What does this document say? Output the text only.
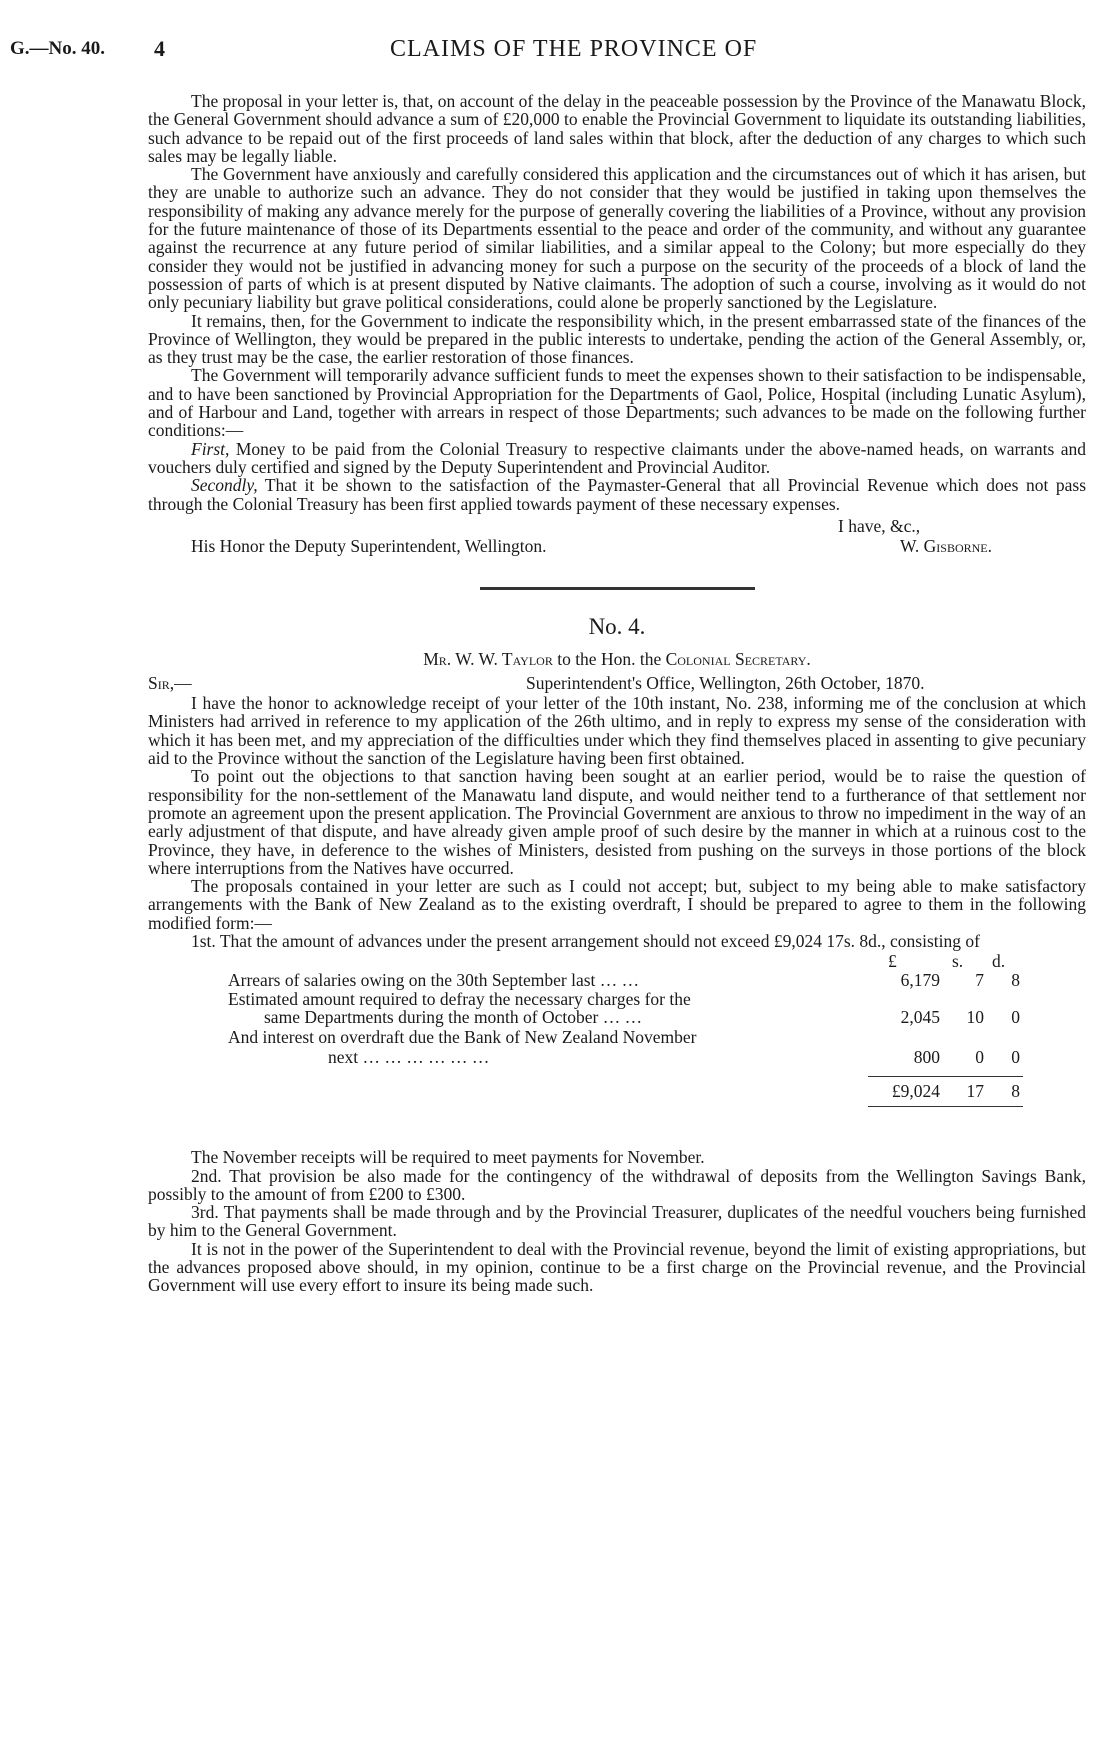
G.—No. 40. 4	CLAIMS OF THE PROVINCE OF

The proposal in your letter is, that, on account of the delay in the peaceable possession by the Province of the Manawatu Block, the General Government should advance a sum of £20,000 to enable the Provincial Government to liquidate its outstanding liabilities, such advance to be repaid out of the first proceeds of land sales within that block, after the deduction of any charges to which such sales may be legally liable.

The Government have anxiously and carefully considered this application and the circumstances out of which it has arisen, but they are unable to authorize such an advance. They do not consider that they would be justified in taking upon themselves the responsibility of making any advance merely for the purpose of generally covering the liabilities of a Province, without any provision for the future maintenance of those of its Departments essential to the peace and order of the community, and without any guarantee against the recurrence at any future period of similar liabilities, and a similar appeal to the Colony; but more especially do they consider they would not be justified in advancing money for such a purpose on the security of the proceeds of a block of land the possession of parts of which is at present disputed by Native claimants. The adoption of such a course, involving as it would do not only pecuniary liability but grave political considerations, could alone be properly sanctioned by the Legislature.

It remains, then, for the Government to indicate the responsibility which, in the present embarrassed state of the finances of the Province of Wellington, they would be prepared in the public interests to undertake, pending the action of the General Assembly, or, as they trust may be the case, the earlier restoration of those finances.

The Government will temporarily advance sufficient funds to meet the expenses shown to their satisfaction to be indispensable, and to have been sanctioned by Provincial Appropriation for the Departments of Gaol, Police, Hospital (including Lunatic Asylum), and of Harbour and Land, together with arrears in respect of those Departments; such advances to be made on the following further conditions:—

First, Money to be paid from the Colonial Treasury to respective claimants under the above-named heads, on warrants and vouchers duly certified and signed by the Deputy Superintendent and Provincial Auditor.

Secondly, That it be shown to the satisfaction of the Paymaster-General that all Provincial Revenue which does not pass through the Colonial Treasury has been first applied towards payment of these necessary expenses.

I have, &c.,
His Honor the Deputy Superintendent, Wellington.	W. Gisborne.
No. 4.
Mr. W. W. Taylor to the Hon. the Colonial Secretary.
Sir,—	Superintendent's Office, Wellington, 26th October, 1870.

I have the honor to acknowledge receipt of your letter of the 10th instant, No. 238, informing me of the conclusion at which Ministers had arrived in reference to my application of the 26th ultimo, and in reply to express my sense of the consideration with which it has been met, and my appreciation of the difficulties under which they find themselves placed in assenting to give pecuniary aid to the Province without the sanction of the Legislature having been first obtained.

To point out the objections to that sanction having been sought at an earlier period, would be to raise the question of responsibility for the non-settlement of the Manawatu land dispute, and would neither tend to a furtherance of that settlement nor promote an agreement upon the present application. The Provincial Government are anxious to throw no impediment in the way of an early adjustment of that dispute, and have already given ample proof of such desire by the manner in which at a ruinous cost to the Province, they have, in deference to the wishes of Ministers, desisted from pushing on the surveys in those portions of the block where interruptions from the Natives have occurred.

The proposals contained in your letter are such as I could not accept; but, subject to my being able to make satisfactory arrangements with the Bank of New Zealand as to the existing overdraft, I should be prepared to agree to them in the following modified form:—

1st. That the amount of advances under the present arrangement should not exceed £9,024 17s. 8d., consisting of

£	s. d.
Arrears of salaries owing on the 30th September last … …	6,179	7	8
Estimated amount required to defray the necessary charges for the
same Departments during the month of October … …	2,045	10	0
And interest on overdraft due the Bank of New Zealand November
next … … … … … …	800	0	0
£9,024	17	8

The November receipts will be required to meet payments for November.

2nd. That provision be also made for the contingency of the withdrawal of deposits from the Wellington Savings Bank, possibly to the amount of from £200 to £300.

3rd. That payments shall be made through and by the Provincial Treasurer, duplicates of the needful vouchers being furnished by him to the General Government.

It is not in the power of the Superintendent to deal with the Provincial revenue, beyond the limit of existing appropriations, but the advances proposed above should, in my opinion, continue to be a first charge on the Provincial revenue, and the Provincial Government will use every effort to insure its being made such.
